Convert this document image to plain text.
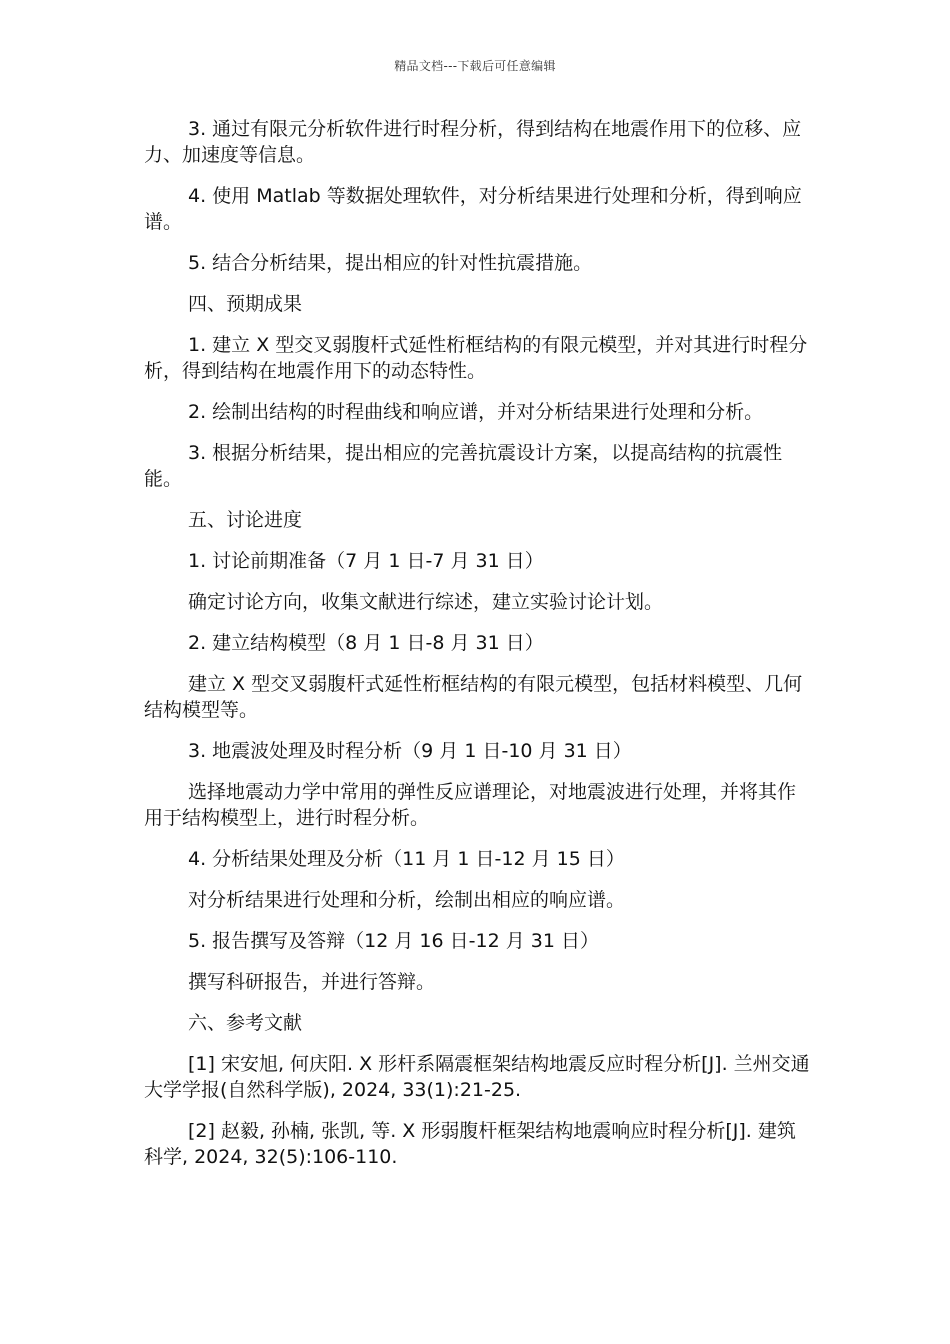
精品文档---下载后可任意编辑

3. 通过有限元分析软件进行时程分析，得到结构在地震作用下的位移、应力、加速度等信息。

4. 使用 Matlab 等数据处理软件，对分析结果进行处理和分析，得到响应谱。

5. 结合分析结果，提出相应的针对性抗震措施。

四、预期成果

1. 建立 X 型交叉弱腹杆式延性桁框结构的有限元模型，并对其进行时程分析，得到结构在地震作用下的动态特性。

2. 绘制出结构的时程曲线和响应谱，并对分析结果进行处理和分析。

3. 根据分析结果，提出相应的完善抗震设计方案，以提高结构的抗震性能。

五、讨论进度

1. 讨论前期准备（7 月 1 日-7 月 31 日）

确定讨论方向，收集文献进行综述，建立实验讨论计划。

2. 建立结构模型（8 月 1 日-8 月 31 日）

建立 X 型交叉弱腹杆式延性桁框结构的有限元模型，包括材料模型、几何结构模型等。

3. 地震波处理及时程分析（9 月 1 日-10 月 31 日）

选择地震动力学中常用的弹性反应谱理论，对地震波进行处理，并将其作用于结构模型上，进行时程分析。

4. 分析结果处理及分析（11 月 1 日-12 月 15 日）

对分析结果进行处理和分析，绘制出相应的响应谱。

5. 报告撰写及答辩（12 月 16 日-12 月 31 日）

撰写科研报告，并进行答辩。

六、参考文献

[1] 宋安旭, 何庆阳. X 形杆系隔震框架结构地震反应时程分析[J]. 兰州交通大学学报(自然科学版), 2024, 33(1):21-25.

[2] 赵毅, 孙楠, 张凯, 等. X 形弱腹杆框架结构地震响应时程分析[J]. 建筑科学, 2024, 32(5):106-110.
